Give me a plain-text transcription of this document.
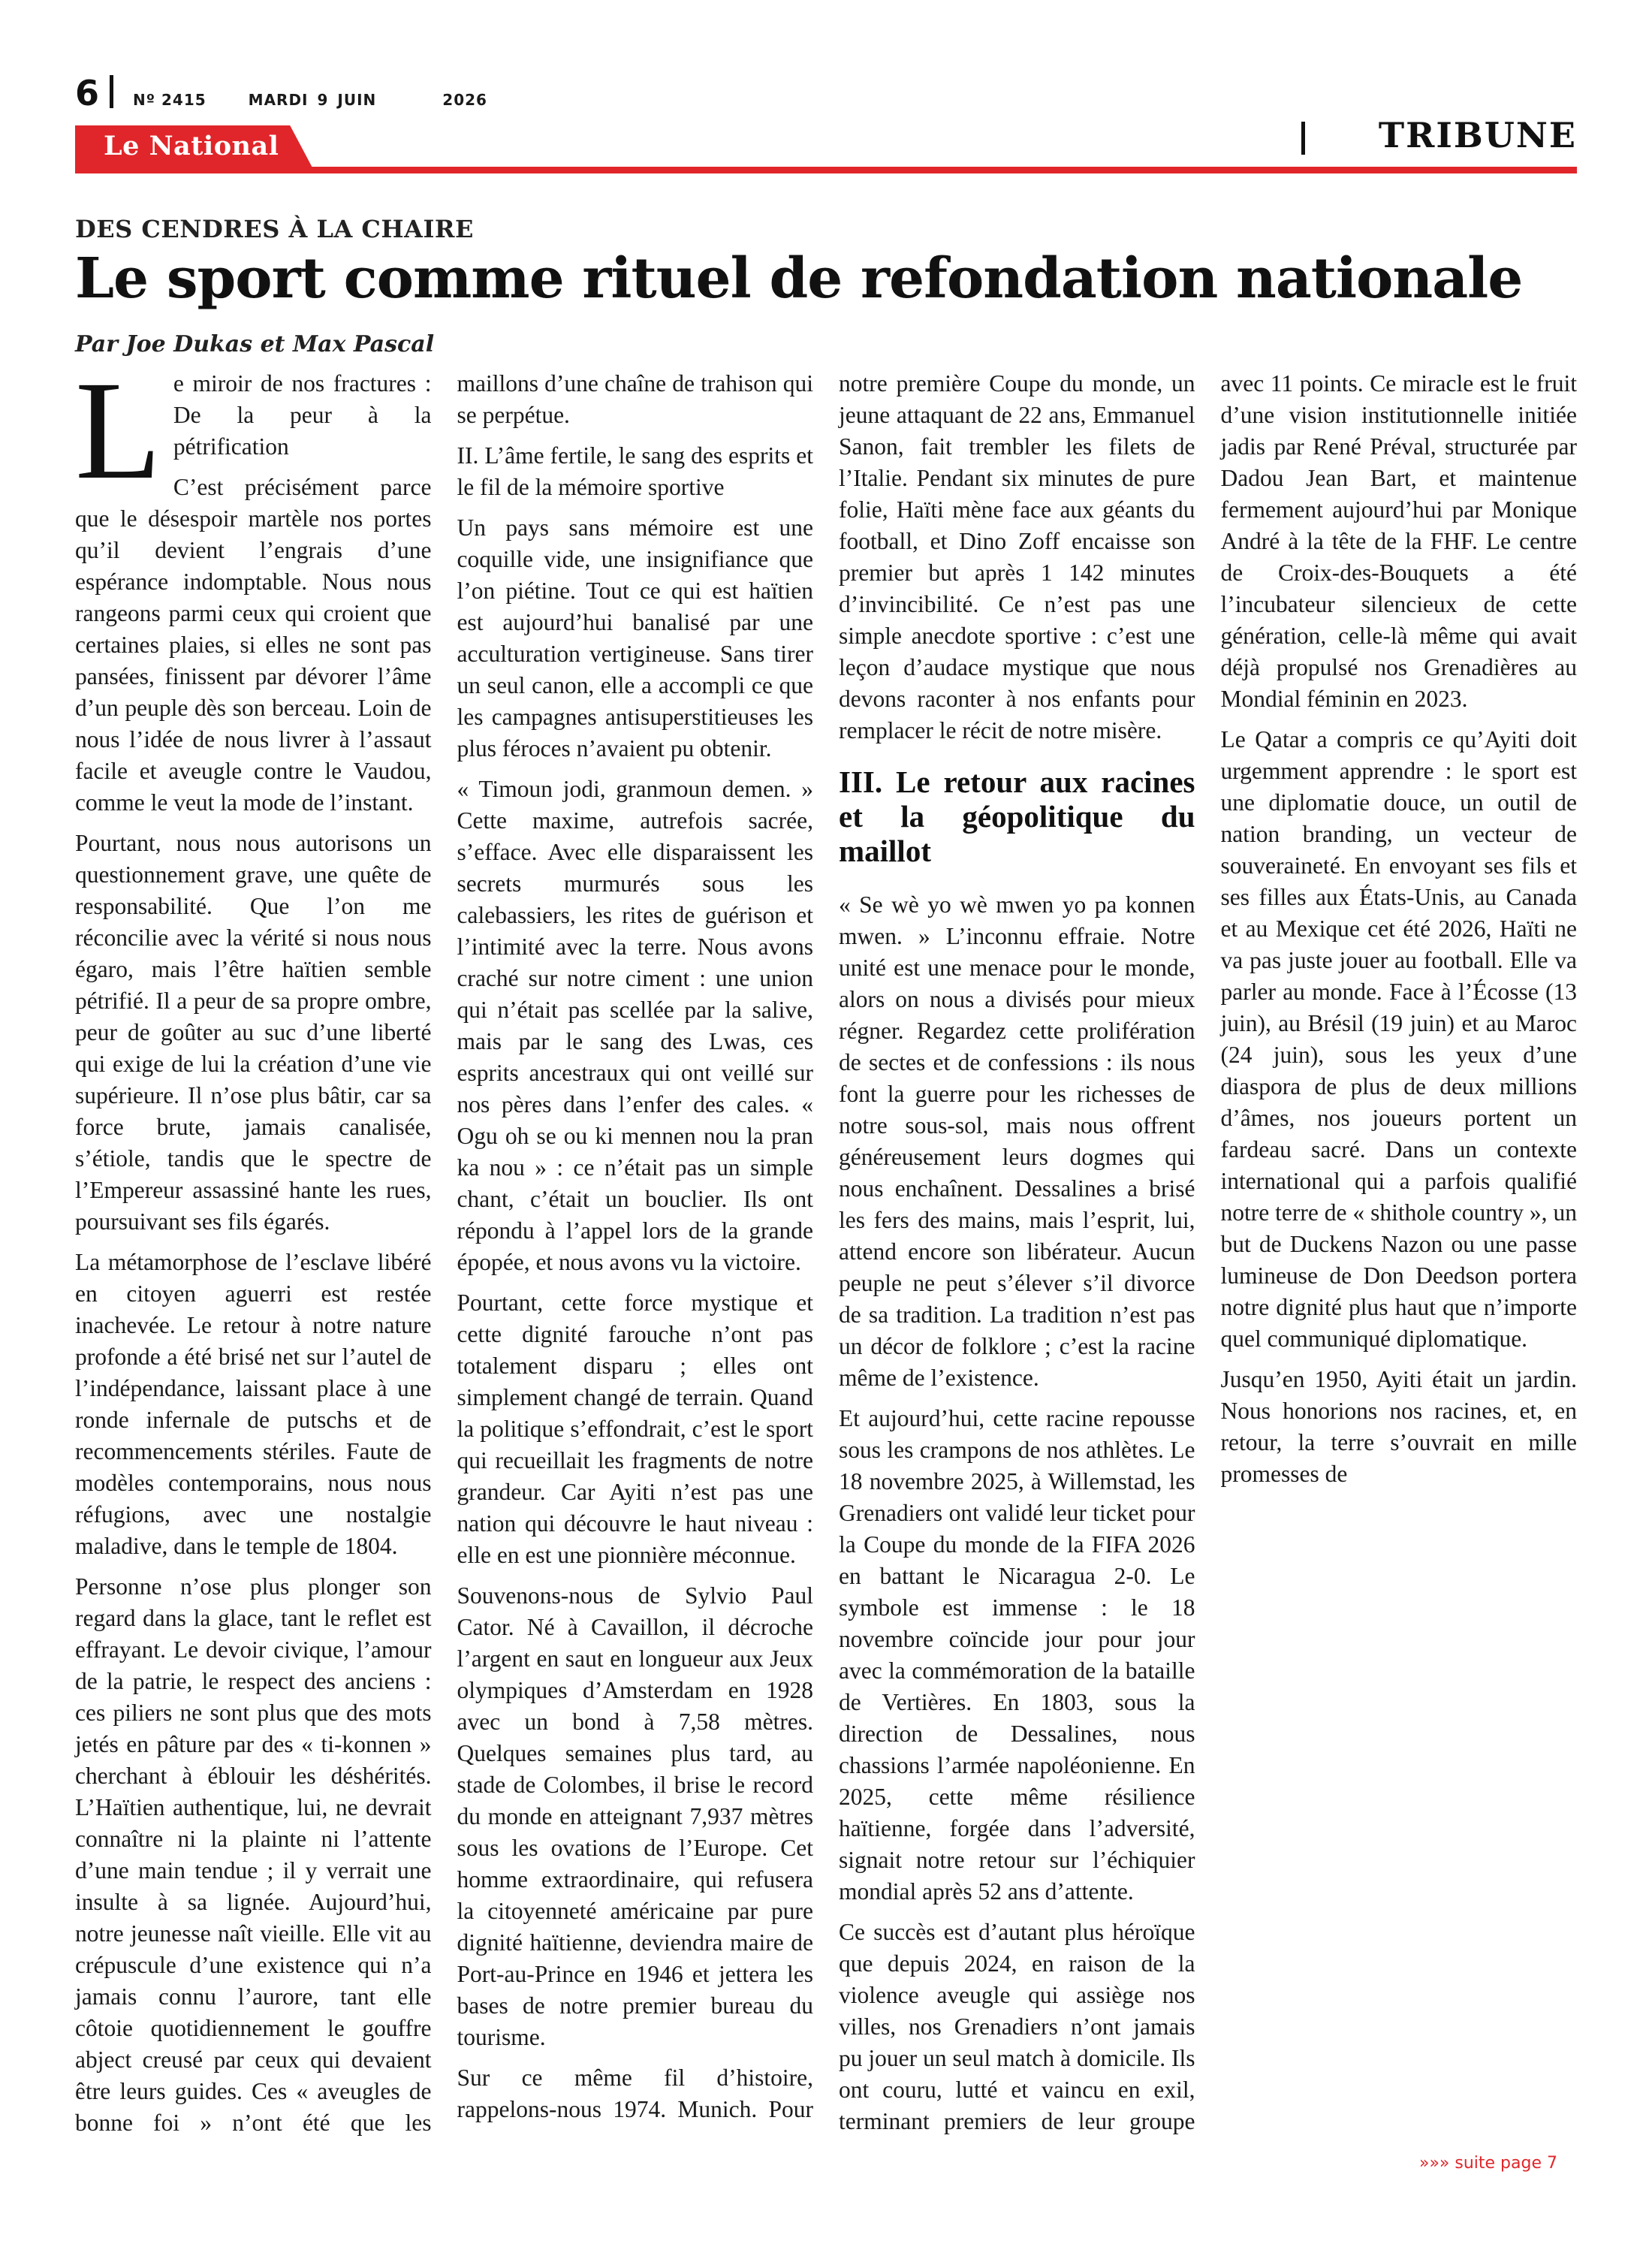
6 Nº 2415	MARDI 9 JUIN	2026
Le National	TRIBUNE
DES CENDRES À LA CHAIRE
Le sport comme rituel de refondation nationale
Par Joe Dukas et Max Pascal

Le miroir de nos fractures : De la peur à la pétrification

C’est précisément parce que le désespoir martèle nos portes qu’il devient l’engrais d’une espérance indomptable. Nous nous rangeons parmi ceux qui croient que certaines plaies, si elles ne sont pas pansées, finissent par dévorer l’âme d’un peuple dès son berceau. Loin de nous l’idée de nous livrer à l’assaut facile et aveugle contre le Vaudou, comme le veut la mode de l’instant.

Pourtant, nous nous autorisons un questionnement grave, une quête de responsabilité. Que l’on me réconcilie avec la vérité si nous nous égaro, mais l’être haïtien semble pétrifié. Il a peur de sa propre ombre, peur de goûter au suc d’une liberté qui exige de lui la création d’une vie supérieure. Il n’ose plus bâtir, car sa force brute, jamais canalisée, s’étiole, tandis que le spectre de l’Empereur assassiné hante les rues, poursuivant ses fils égarés.

La métamorphose de l’esclave libéré en citoyen aguerri est restée inachevée. Le retour à notre nature profonde a été brisé net sur l’autel de l’indépendance, laissant place à une ronde infernale de putschs et de recommencements stériles. Faute de modèles contemporains, nous nous réfugions, avec une nostalgie maladive, dans le temple de 1804.

Personne n’ose plus plonger son regard dans la glace, tant le reflet est effrayant. Le devoir civique, l’amour de la patrie, le respect des anciens : ces piliers ne sont plus que des mots jetés en pâture par des « ti-konnen » cherchant à éblouir les déshérités. L’Haïtien authentique, lui, ne devrait connaître ni la plainte ni l’attente d’une main tendue ; il y verrait une insulte à sa lignée. Aujourd’hui, notre jeunesse naît vieille. Elle vit au crépuscule d’une existence qui n’a jamais connu l’aurore, tant elle côtoie quotidiennement le gouffre abject creusé par ceux qui devaient être leurs guides. Ces « aveugles de bonne foi » n’ont été que les maillons d’une chaîne de trahison qui se perpétue.

II. L’âme fertile, le sang des esprits et le fil de la mémoire sportive

Un pays sans mémoire est une coquille vide, une insignifiance que l’on piétine. Tout ce qui est haïtien est aujourd’hui banalisé par une acculturation vertigineuse. Sans tirer un seul canon, elle a accompli ce que les campagnes antisuperstitieuses les plus féroces n’avaient pu obtenir.

« Timoun jodi, granmoun demen. » Cette maxime, autrefois sacrée, s’efface. Avec elle disparaissent les secrets murmurés sous les calebassiers, les rites de guérison et l’intimité avec la terre. Nous avons craché sur notre ciment : une union qui n’était pas scellée par la salive, mais par le sang des Lwas, ces esprits ancestraux qui ont veillé sur nos pères dans l’enfer des cales. « Ogu oh se ou ki mennen nou la pran ka nou » : ce n’était pas un simple chant, c’était un bouclier. Ils ont répondu à l’appel lors de la grande épopée, et nous avons vu la victoire.

Pourtant, cette force mystique et cette dignité farouche n’ont pas totalement disparu ; elles ont simplement changé de terrain. Quand la politique s’effondrait, c’est le sport qui recueillait les fragments de notre grandeur. Car Ayiti n’est pas une nation qui découvre le haut niveau : elle en est une pionnière méconnue.

Souvenons-nous de Sylvio Paul Cator. Né à Cavaillon, il décroche l’argent en saut en longueur aux Jeux olympiques d’Amsterdam en 1928 avec un bond à 7,58 mètres. Quelques semaines plus tard, au stade de Colombes, il brise le record du monde en atteignant 7,937 mètres sous les ovations de l’Europe. Cet homme extraordinaire, qui refusera la citoyenneté américaine par pure dignité haïtienne, deviendra maire de Port-au-Prince en 1946 et jettera les bases de notre premier bureau du tourisme.

Sur ce même fil d’histoire, rappelons-nous 1974. Munich. Pour notre première Coupe du monde, un jeune attaquant de 22 ans, Emmanuel Sanon, fait trembler les filets de l’Italie. Pendant six minutes de pure folie, Haïti mène face aux géants du football, et Dino Zoff encaisse son premier but après 1 142 minutes d’invincibilité. Ce n’est pas une simple anecdote sportive : c’est une leçon d’audace mystique que nous devons raconter à nos enfants pour remplacer le récit de notre misère.

III. Le retour aux racines et la géopolitique du maillot

« Se wè yo wè mwen yo pa konnen mwen. » L’inconnu effraie. Notre unité est une menace pour le monde, alors on nous a divisés pour mieux régner. Regardez cette prolifération de sectes et de confessions : ils nous font la guerre pour les richesses de notre sous-sol, mais nous offrent généreusement leurs dogmes qui nous enchaînent. Dessalines a brisé les fers des mains, mais l’esprit, lui, attend encore son libérateur. Aucun peuple ne peut s’élever s’il divorce de sa tradition. La tradition n’est pas un décor de folklore ; c’est la racine même de l’existence.

Et aujourd’hui, cette racine repousse sous les crampons de nos athlètes. Le 18 novembre 2025, à Willemstad, les Grenadiers ont validé leur ticket pour la Coupe du monde de la FIFA 2026 en battant le Nicaragua 2-0. Le symbole est immense : le 18 novembre coïncide jour pour jour avec la commémoration de la bataille de Vertières. En 1803, sous la direction de Dessalines, nous chassions l’armée napoléonienne. En 2025, cette même résilience haïtienne, forgée dans l’adversité, signait notre retour sur l’échiquier mondial après 52 ans d’attente.

Ce succès est d’autant plus héroïque que depuis 2024, en raison de la violence aveugle qui assiège nos villes, nos Grenadiers n’ont jamais pu jouer un seul match à domicile. Ils ont couru, lutté et vaincu en exil, terminant premiers de leur groupe avec 11 points. Ce miracle est le fruit d’une vision institutionnelle initiée jadis par René Préval, structurée par Dadou Jean Bart, et maintenue fermement aujourd’hui par Monique André à la tête de la FHF. Le centre de Croix-des-Bouquets a été l’incubateur silencieux de cette génération, celle-là même qui avait déjà propulsé nos Grenadières au Mondial féminin en 2023.

Le Qatar a compris ce qu’Ayiti doit urgemment apprendre : le sport est une diplomatie douce, un outil de nation branding, un vecteur de souveraineté. En envoyant ses fils et ses filles aux États-Unis, au Canada et au Mexique cet été 2026, Haïti ne va pas juste jouer au football. Elle va parler au monde. Face à l’Écosse (13 juin), au Brésil (19 juin) et au Maroc (24 juin), sous les yeux d’une diaspora de plus de deux millions d’âmes, nos joueurs portent un fardeau sacré. Dans un contexte international qui a parfois qualifié notre terre de « shithole country », un but de Duckens Nazon ou une passe lumineuse de Don Deedson portera notre dignité plus haut que n’importe quel communiqué diplomatique.

Jusqu’en 1950, Ayiti était un jardin. Nous honorions nos racines, et, en retour, la terre s’ouvrait en mille promesses de

»»» suite page 7
